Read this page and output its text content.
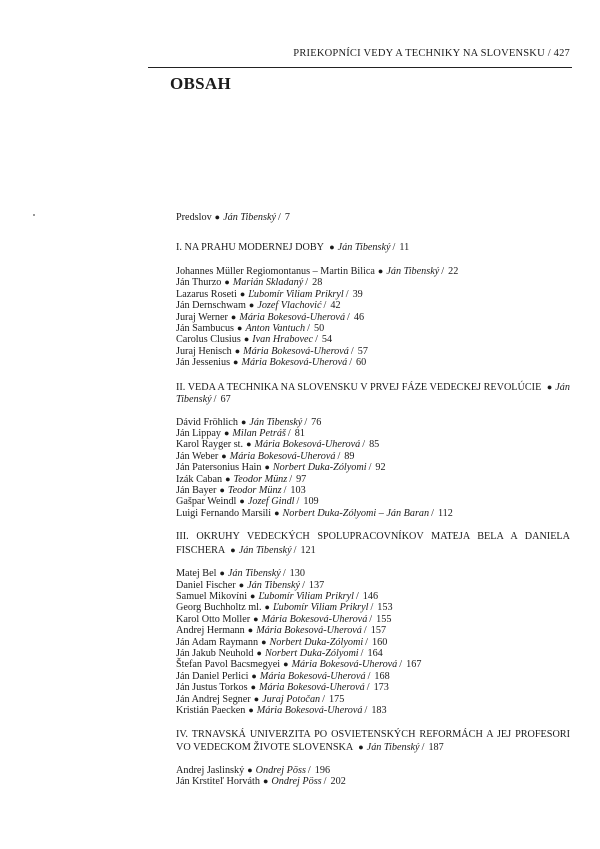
PRIEKOPNÍCI VEDY A TECHNIKY NA SLOVENSKU / 427
OBSAH
Predslov ● Ján Tibenský / 7
I. NA PRAHU MODERNEJ DOBY ● Ján Tibenský / 11
Johannes Müller Regiomontanus – Martin Bilica ● Ján Tibenský / 22
Ján Thurzo ● Marián Skladaný / 28
Lazarus Roseti ● Ľubomír Viliam Prikryl / 39
Ján Dernschwam ● Jozef Vlachović / 42
Juraj Werner ● Mária Bokesová-Uherová / 46
Ján Sambucus ● Anton Vantuch / 50
Carolus Clusius ● Ivan Hrabovec / 54
Juraj Henisch ● Mária Bokesová-Uherová / 57
Ján Jessenius ● Mária Bokesová-Uherová / 60
II. VEDA A TECHNIKA NA SLOVENSKU V PRVEJ FÁZE VEDECKEJ REVOLÚCIE ● Ján Tibenský / 67
Dávid Fröhlich ● Ján Tibenský / 76
Ján Lippay ● Milan Petráš / 81
Karol Rayger st. ● Mária Bokesová-Uherová / 85
Ján Weber ● Mária Bokesová-Uherová / 89
Ján Patersonius Hain ● Norbert Duka-Zólyomi / 92
Izák Caban ● Teodor Münz / 97
Ján Bayer ● Teodor Münz / 103
Gašpar Weindl ● Jozef Gindl / 109
Luigi Fernando Marsili ● Norbert Duka-Zólyomi – Ján Baran / 112
III. OKRUHY VEDECKÝCH SPOLUPRACOVNÍKOV MATEJA BELA A DANIELA FISCHERA ● Ján Tibenský / 121
Matej Bel ● Ján Tibenský / 130
Daniel Fischer ● Ján Tibenský / 137
Samuel Mikovíni ● Ľubomír Viliam Prikryl / 146
Georg Buchholtz ml. ● Ľubomír Viliam Prikryl / 153
Karol Otto Moller ● Mária Bokesová-Uherová / 155
Andrej Hermann ● Mária Bokesová-Uherová / 157
Ján Adam Raymann ● Norbert Duka-Zólyomi / 160
Ján Jakub Neuhold ● Norbert Duka-Zólyomi / 164
Štefan Pavol Bacsmegyei ● Mária Bokesová-Uherová / 167
Ján Daniel Perlici ● Mária Bokesová-Uherová / 168
Ján Justus Torkos ● Mária Bokesová-Uherová / 173
Ján Andrej Segner ● Juraj Potočan / 175
Kristián Paecken ● Mária Bokesová-Uherová / 183
IV. TRNAVSKÁ UNIVERZITA PO OSVIETENSKÝCH REFORMÁCH A JEJ PROFESORI VO VEDECKOM ŽIVOTE SLOVENSKA ● Ján Tibenský / 187
Andrej Jaslinský ● Ondrej Pöss / 196
Ján Krstiteľ Horváth ● Ondrej Pöss / 202
